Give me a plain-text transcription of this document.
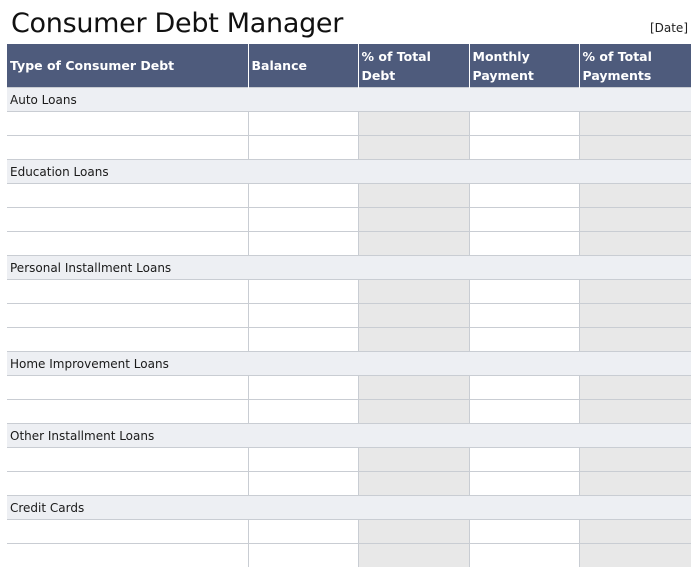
Consumer Debt Manager	[Date]
Type of Consumer Debt	Balance	% of Total Debt	Monthly Payment	% of Total Payments
Auto Loans				

Education Loans				

Personal Installment Loans				

Home Improvement Loans				

Other Installment Loans				

Credit Cards				
